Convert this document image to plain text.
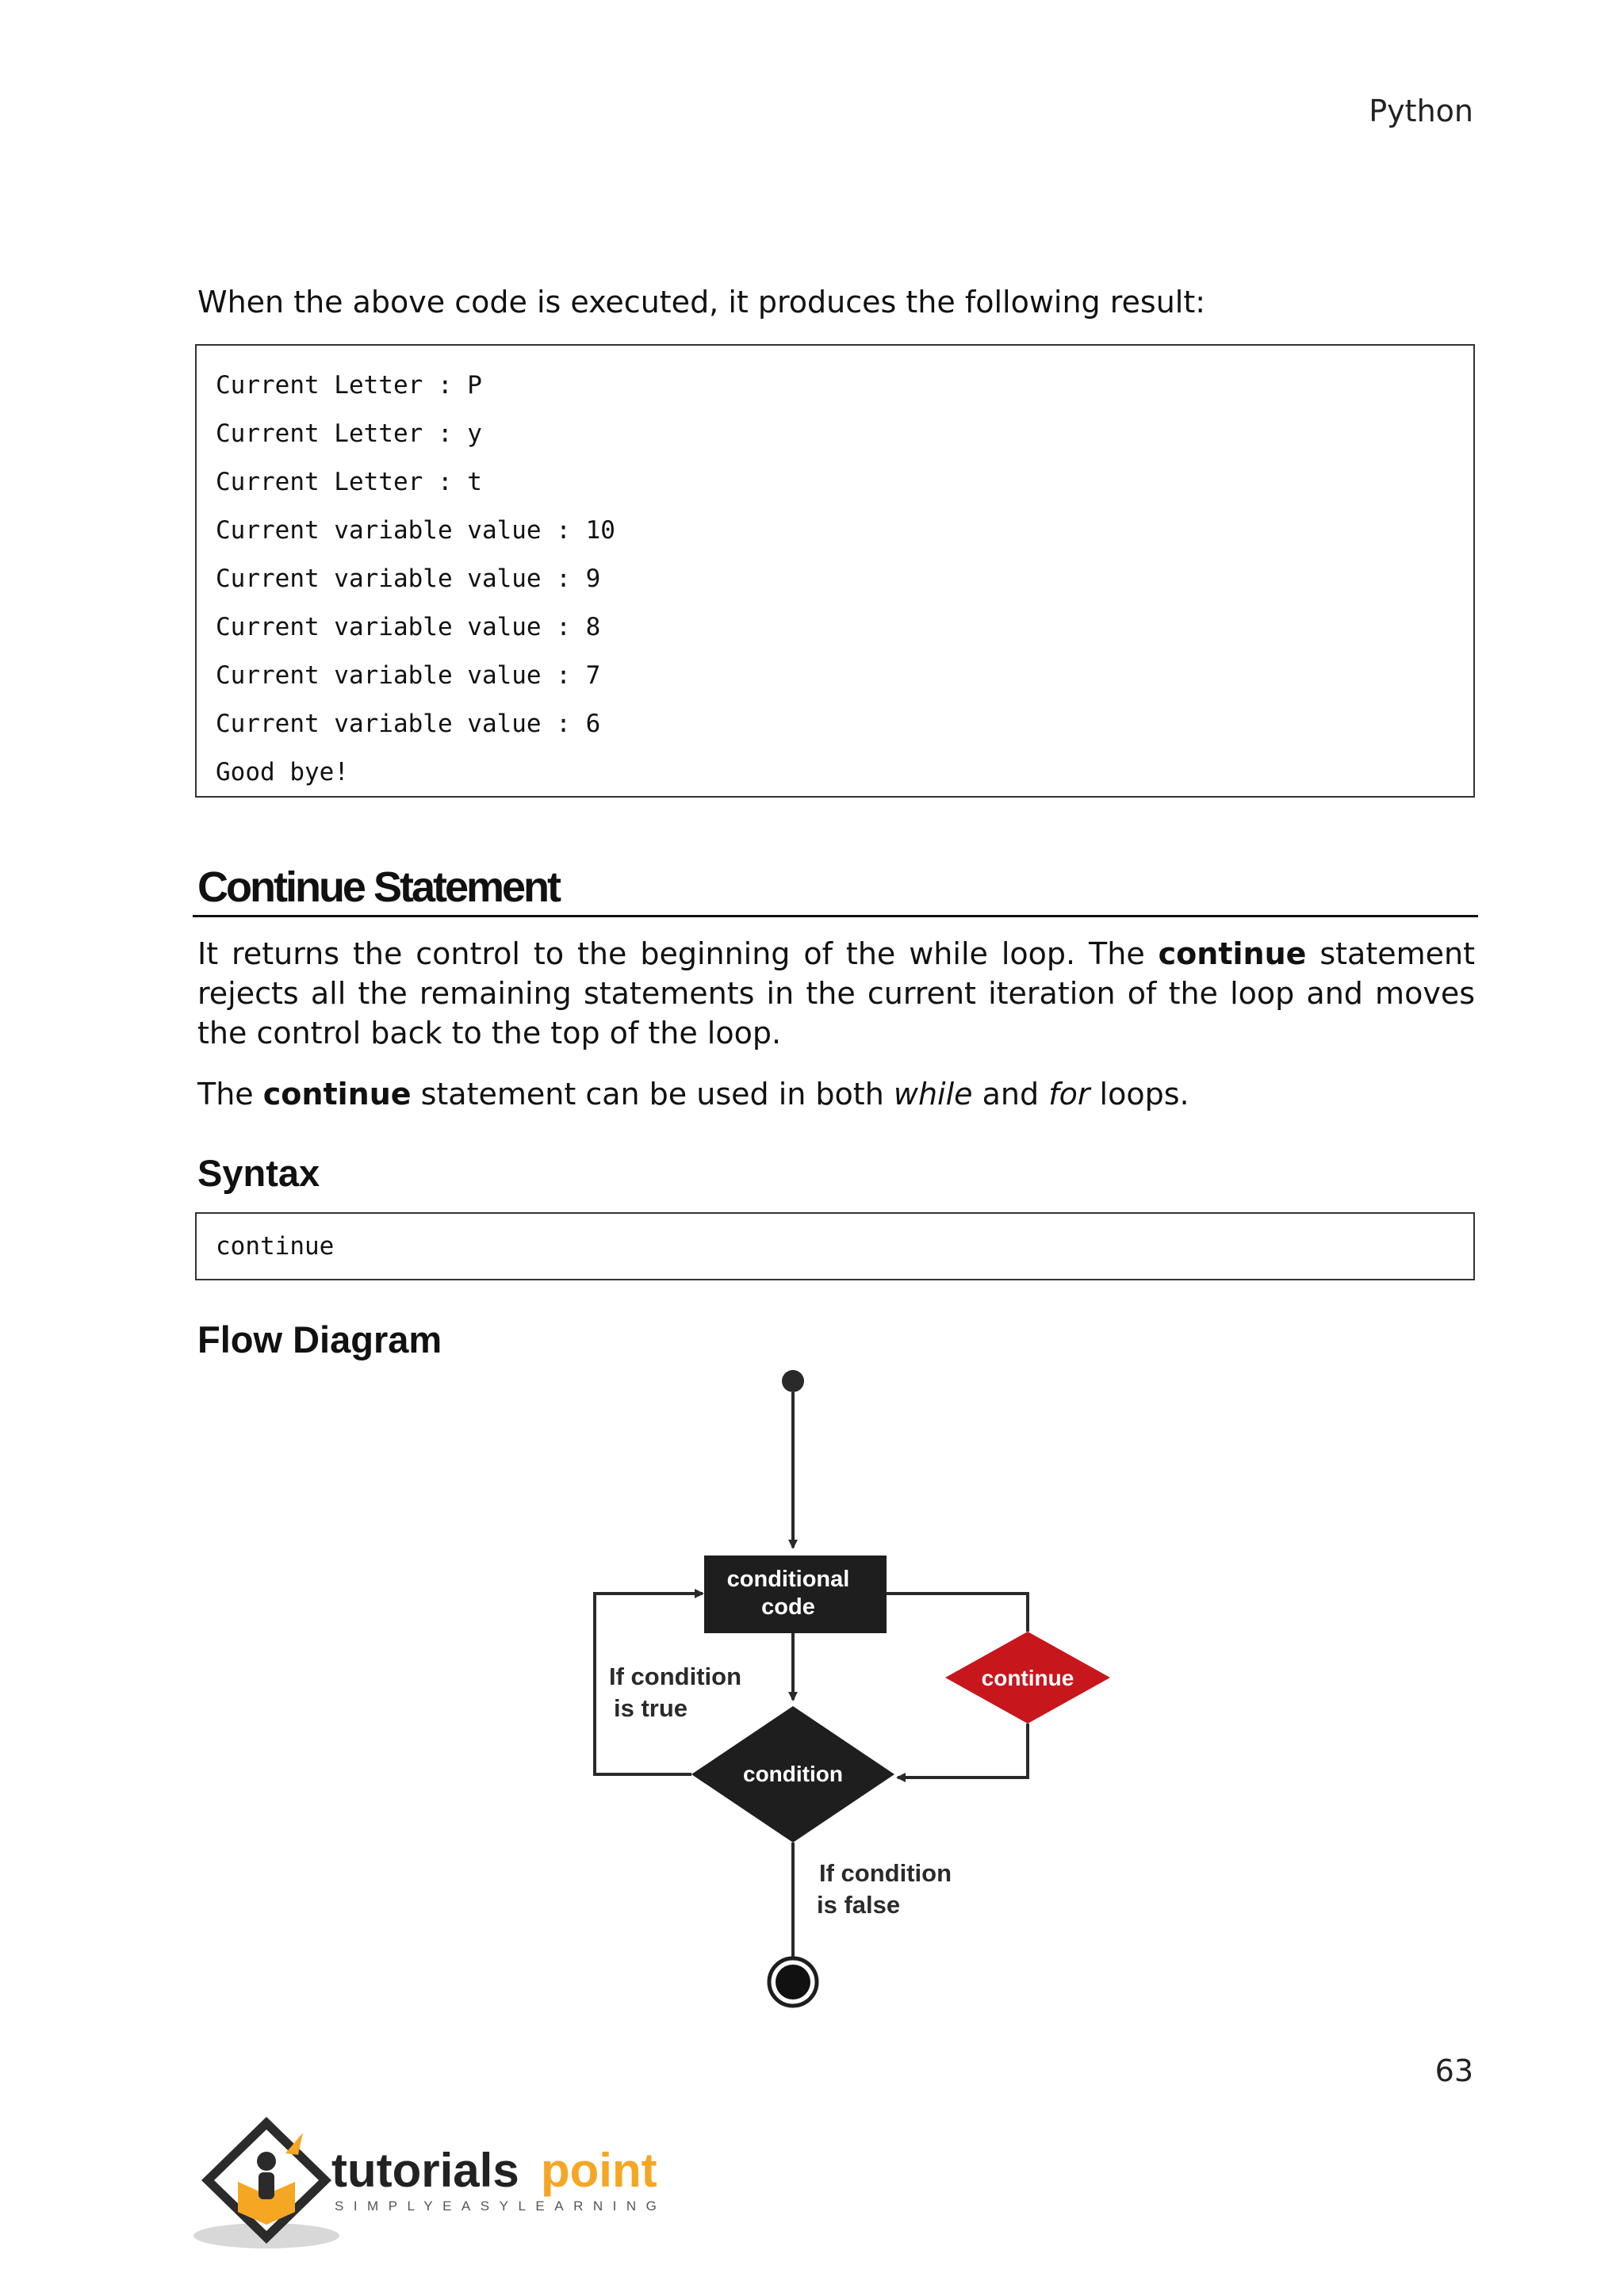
Python
When the above code is executed, it produces the following result:
Current Letter : P
Current Letter : y
Current Letter : t
Current variable value : 10
Current variable value : 9
Current variable value : 8
Current variable value : 7
Current variable value : 6
Good bye!
Continue Statement
It returns the control to the beginning of the while loop. The continue statement rejects all the remaining statements in the current iteration of the loop and moves the control back to the top of the loop.
The continue statement can be used in both while and for loops.
Syntax
continue
Flow Diagram
conditional
code
condition
If condition
is true
continue
If condition
is false
63
tutorials point
SIMPLYEASYLEARNING
